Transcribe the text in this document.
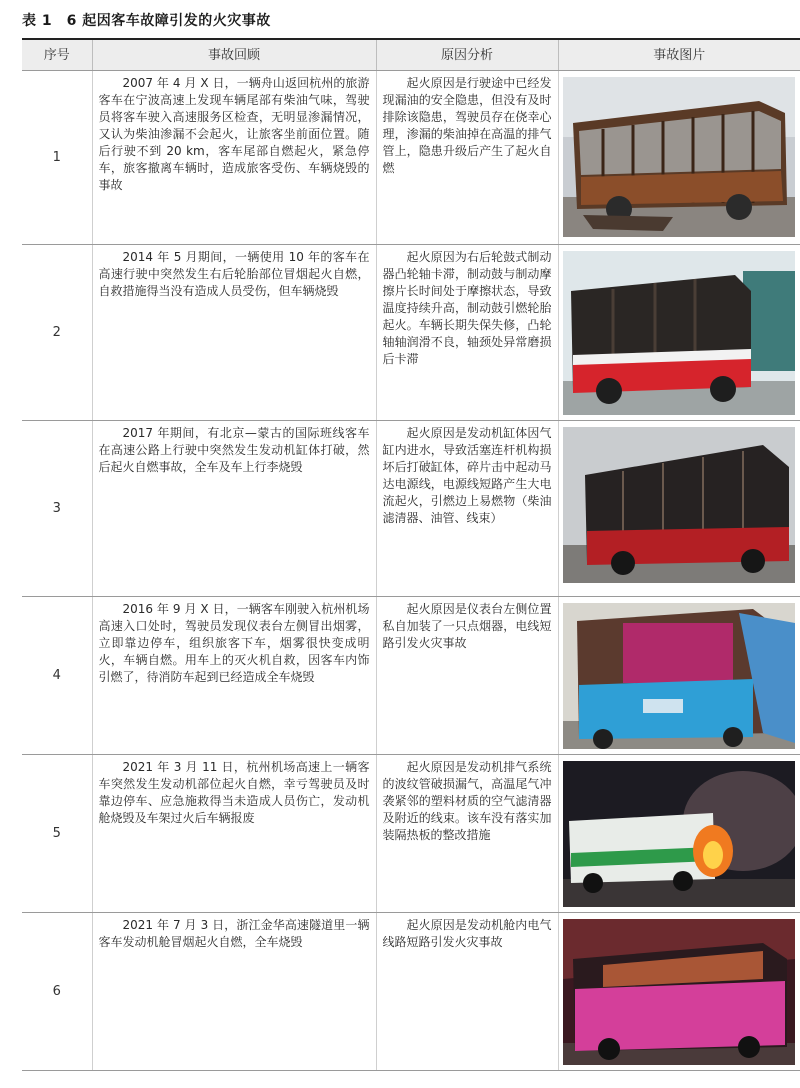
表 1　6 起因客车故障引发的火灾事故
序号	事故回顾	原因分析	事故图片
1	2007 年 4 月 X 日，一辆舟山返回杭州的旅游客车在宁波高速上发现车辆尾部有柴油气味，驾驶员将客车驶入高速服务区检查，无明显渗漏情况，又认为柴油渗漏不会起火，让旅客坐前面位置。随后行驶不到 20 km，客车尾部自燃起火，紧急停车，旅客撤离车辆时，造成旅客受伤、车辆烧毁的事故	起火原因是行驶途中已经发现漏油的安全隐患，但没有及时排除该隐患，驾驶员存在侥幸心理，渗漏的柴油掉在高温的排气管上，隐患升级后产生了起火自燃

2	2014 年 5 月期间，一辆使用 10 年的客车在高速行驶中突然发生右后轮胎部位冒烟起火自燃，自救措施得当没有造成人员受伤，但车辆烧毁	起火原因为右后轮鼓式制动器凸轮轴卡滞，制动鼓与制动摩擦片长时间处于摩擦状态，导致温度持续升高，制动鼓引燃轮胎起火。车辆长期失保失修，凸轮轴轴润滑不良，轴颈处异常磨损后卡滞

3	2017 年期间，有北京—蒙古的国际班线客车在高速公路上行驶中突然发生发动机缸体打破，然后起火自燃事故，全车及车上行李烧毁	起火原因是发动机缸体因气缸内进水，导致活塞连杆机构损坏后打破缸体，碎片击中起动马达电源线，电源线短路产生大电流起火，引燃边上易燃物（柴油滤清器、油管、线束）

4	2016 年 9 月 X 日，一辆客车刚驶入杭州机场高速入口处时，驾驶员发现仪表台左侧冒出烟雾，立即靠边停车，组织旅客下车，烟雾很快变成明火，车辆自燃。用车上的灭火机自救，因客车内饰引燃了，待消防车起到已经造成全车烧毁	起火原因是仪表台左侧位置私自加装了一只点烟器，电线短路引发火灾事故

5	2021 年 3 月 11 日，杭州机场高速上一辆客车突然发生发动机部位起火自燃，幸亏驾驶员及时靠边停车、应急施救得当未造成人员伤亡，发动机舱烧毁及车架过火后车辆报废	起火原因是发动机排气系统的波纹管破损漏气，高温尾气冲袭紧邻的塑料材质的空气滤清器及附近的线束。该车没有落实加装隔热板的整改措施

6	2021 年 7 月 3 日，浙江金华高速隧道里一辆客车发动机舱冒烟起火自燃，全车烧毁	起火原因是发动机舱内电气线路短路引发火灾事故
